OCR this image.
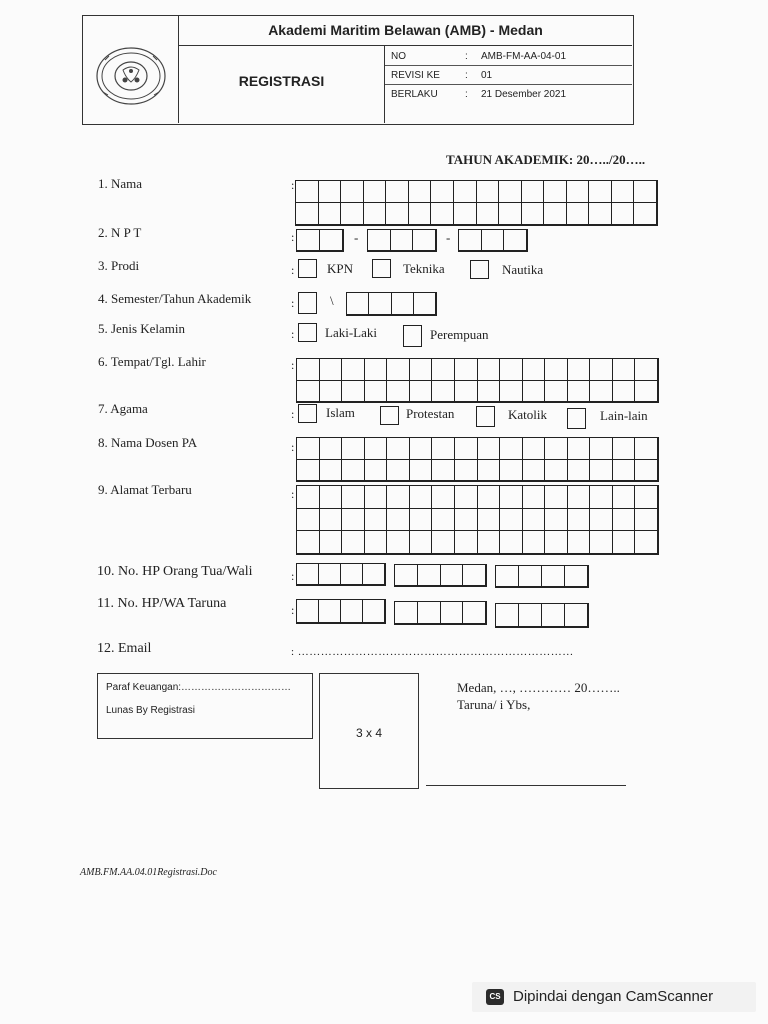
Akademi Maritim Belawan (AMB) - Medan
REGISTRASI
NO	: AMB-FM-AA-04-01
REVISI KE	: 01
BERLAKU	: 21 Desember 2021
TAHUN AKADEMIK: 20…../20…..
1. Nama	:
2. N P T	:	-	-
3. Prodi	:	KPN	Teknika	Nautika
4. Semester/Tahun Akademik	:	\
5. Jenis Kelamin	: Laki-Laki	Perempuan
6. Tempat/Tgl. Lahir	:
7. Agama	: Islam	Protestan	Katolik	Lain-lain
8. Nama Dosen PA	:
9. Alamat Terbaru	:
10. No. HP Orang Tua/Wali	:
11. No. HP/WA Taruna	:
12. Email	: ………………………………………………………………
Paraf Keuangan:……………………………
Lunas By Registrasi
3 x 4
Medan, …, ………… 20……..
Taruna/ i Ybs,
AMB.FM.AA.04.01Registrasi.Doc
CS Dipindai dengan CamScanner
